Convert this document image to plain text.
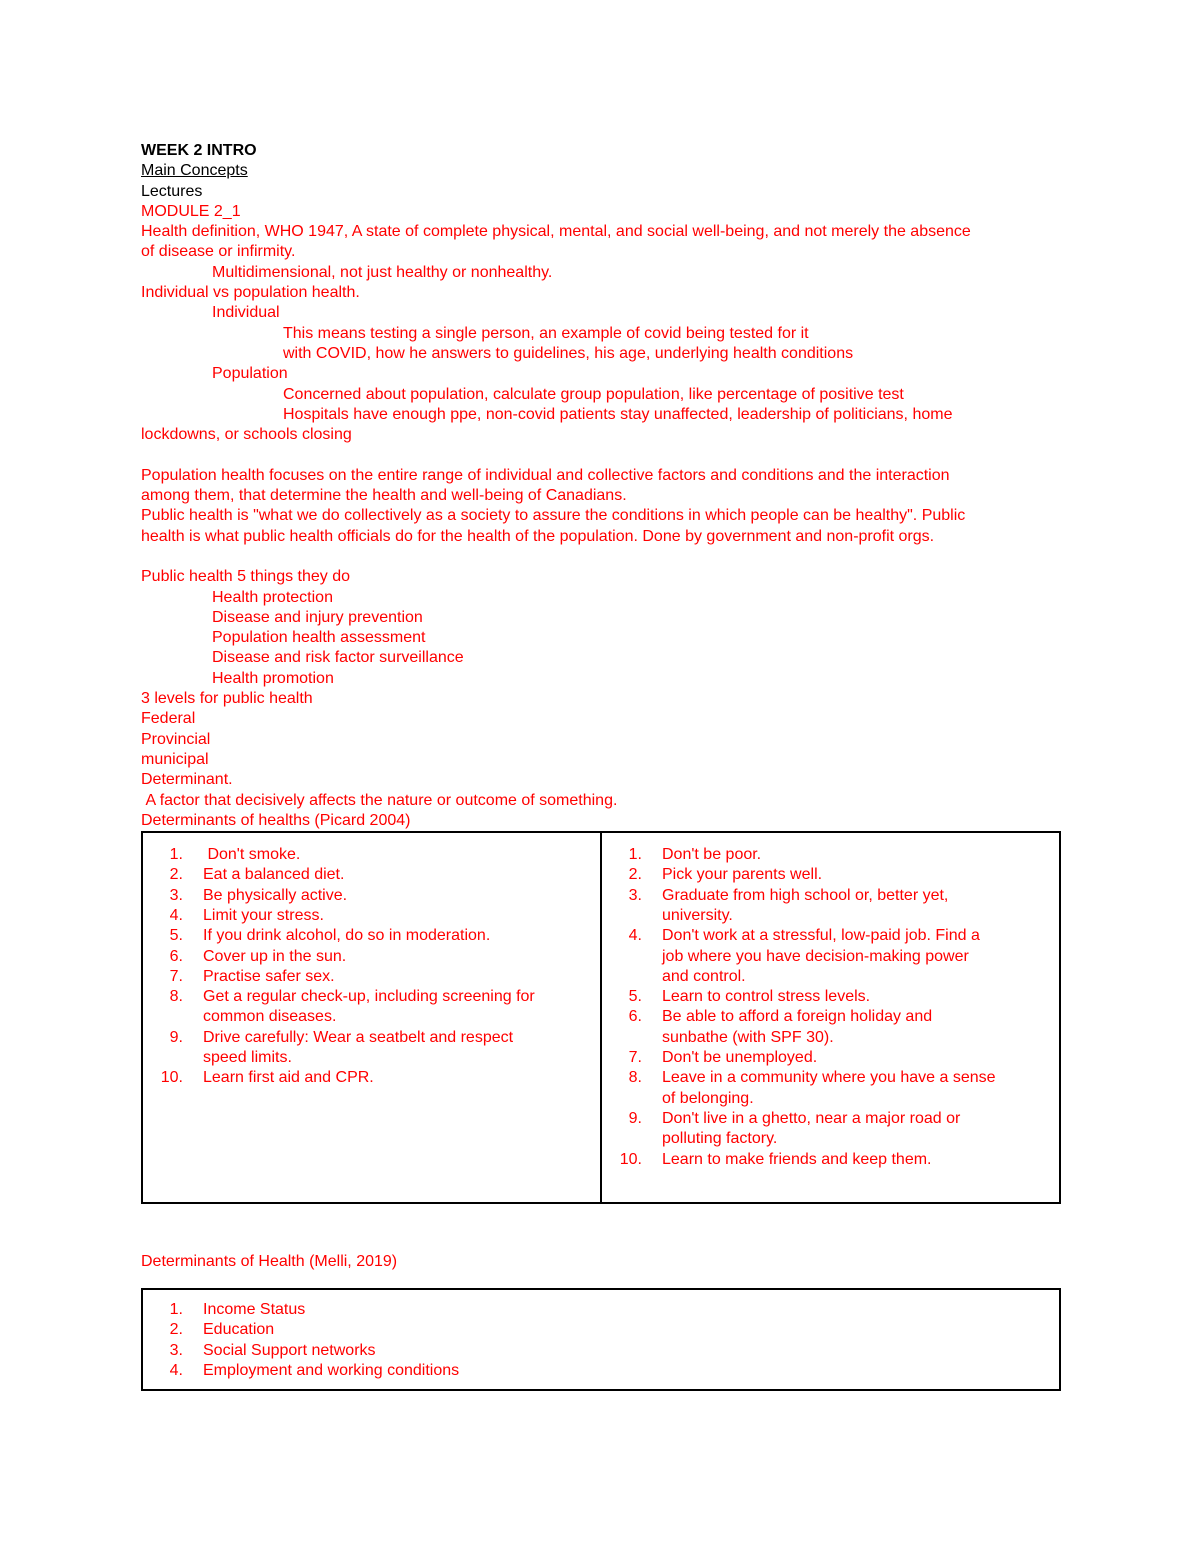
WEEK 2 INTRO
Main Concepts
Lectures
MODULE 2_1
Health definition, WHO 1947, A state of complete physical, mental, and social well-being, and not merely the absence
of disease or infirmity.
Multidimensional, not just healthy or nonhealthy.
Individual vs population health.
Individual
This means testing a single person, an example of covid being tested for it
with COVID, how he answers to guidelines, his age, underlying health conditions
Population
Concerned about population, calculate group population, like percentage of positive test
Hospitals have enough ppe, non-covid patients stay unaffected, leadership of politicians, home
lockdowns, or schools closing
Population health focuses on the entire range of individual and collective factors and conditions and the interaction
among them, that determine the health and well-being of Canadians.
Public health is "what we do collectively as a society to assure the conditions in which people can be healthy". Public
health is what public health officials do for the health of the population. Done by government and non-profit orgs.
Public health 5 things they do
Health protection
Disease and injury prevention
Population health assessment
Disease and risk factor surveillance
Health promotion
3 levels for public health
Federal
Provincial
municipal
Determinant.
A factor that decisively affects the nature or outcome of something.
Determinants of healths (Picard 2004)
1.	Don't smoke.
2.	Eat a balanced diet.
3.	Be physically active.
4.	Limit your stress.
5.	If you drink alcohol, do so in moderation.
6.	Cover up in the sun.
7.	Practise safer sex.
8.	Get a regular check-up, including screening for
common diseases.
9.	Drive carefully: Wear a seatbelt and respect
speed limits.
10.	Learn first aid and CPR.
1.	Don't be poor.
2.	Pick your parents well.
3.	Graduate from high school or, better yet,
university.
4.	Don't work at a stressful, low-paid job. Find a
job where you have decision-making power
and control.
5.	Learn to control stress levels.
6.	Be able to afford a foreign holiday and
sunbathe (with SPF 30).
7.	Don't be unemployed.
8.	Leave in a community where you have a sense
of belonging.
9.	Don't live in a ghetto, near a major road or
polluting factory.
10.	Learn to make friends and keep them.
Determinants of Health (Melli, 2019)
1.	Income Status
2.	Education
3.	Social Support networks
4.	Employment and working conditions
